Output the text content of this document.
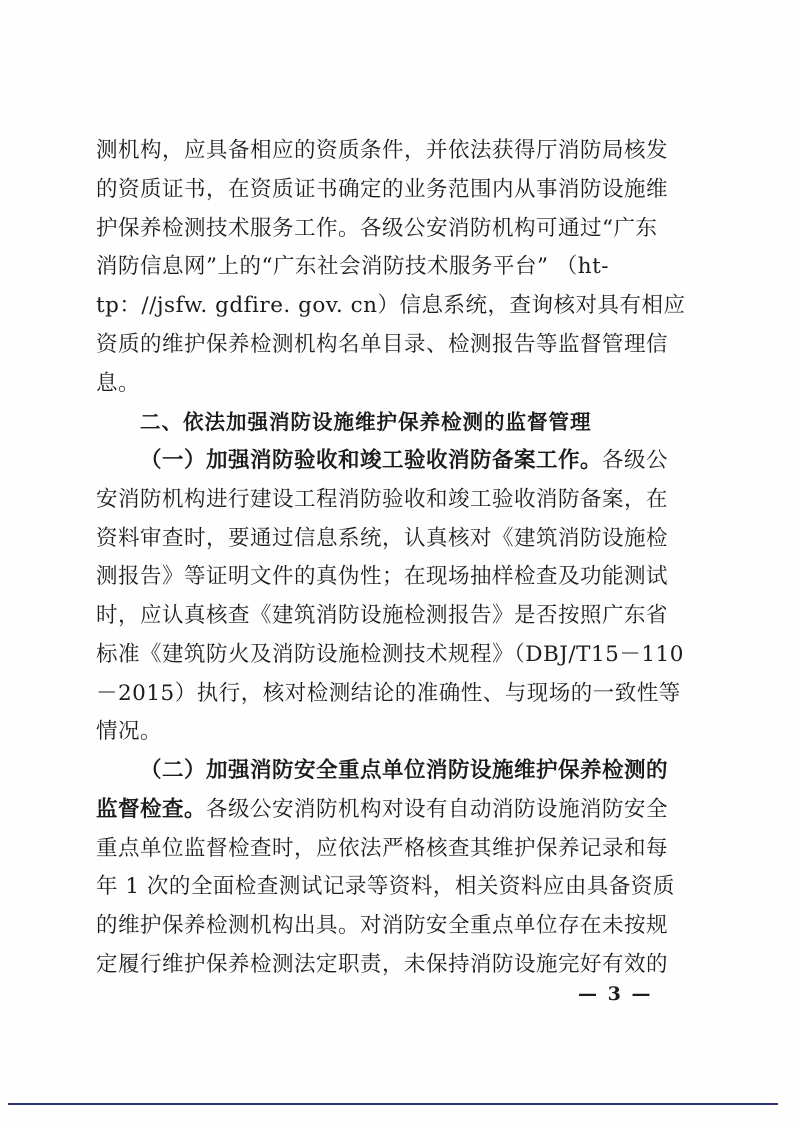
测机构，应具备相应的资质条件，并依法获得厅消防局核发
的资质证书，在资质证书确定的业务范围内从事消防设施维
护保养检测技术服务工作。各级公安消防机构可通过“广东
消防信息网”上的“广东社会消防技术服务平台” （ht-
tp：//jsfw. gdfire. gov. cn）信息系统，查询核对具有相应
资质的维护保养检测机构名单目录、检测报告等监督管理信
息。
二、依法加强消防设施维护保养检测的监督管理
（一）加强消防验收和竣工验收消防备案工作。各级公
安消防机构进行建设工程消防验收和竣工验收消防备案，在
资料审查时，要通过信息系统，认真核对《建筑消防设施检
测报告》等证明文件的真伪性；在现场抽样检查及功能测试
时，应认真核查《建筑消防设施检测报告》是否按照广东省
标准《建筑防火及消防设施检测技术规程》（DBJ/T15－110
－2015）执行，核对检测结论的准确性、与现场的一致性等
情况。
（二）加强消防安全重点单位消防设施维护保养检测的
监督检查。各级公安消防机构对设有自动消防设施消防安全
重点单位监督检查时，应依法严格核查其维护保养记录和每
年 1 次的全面检查测试记录等资料，相关资料应由具备资质
的维护保养检测机构出具。对消防安全重点单位存在未按规
定履行维护保养检测法定职责，未保持消防设施完好有效的
— 3 —
